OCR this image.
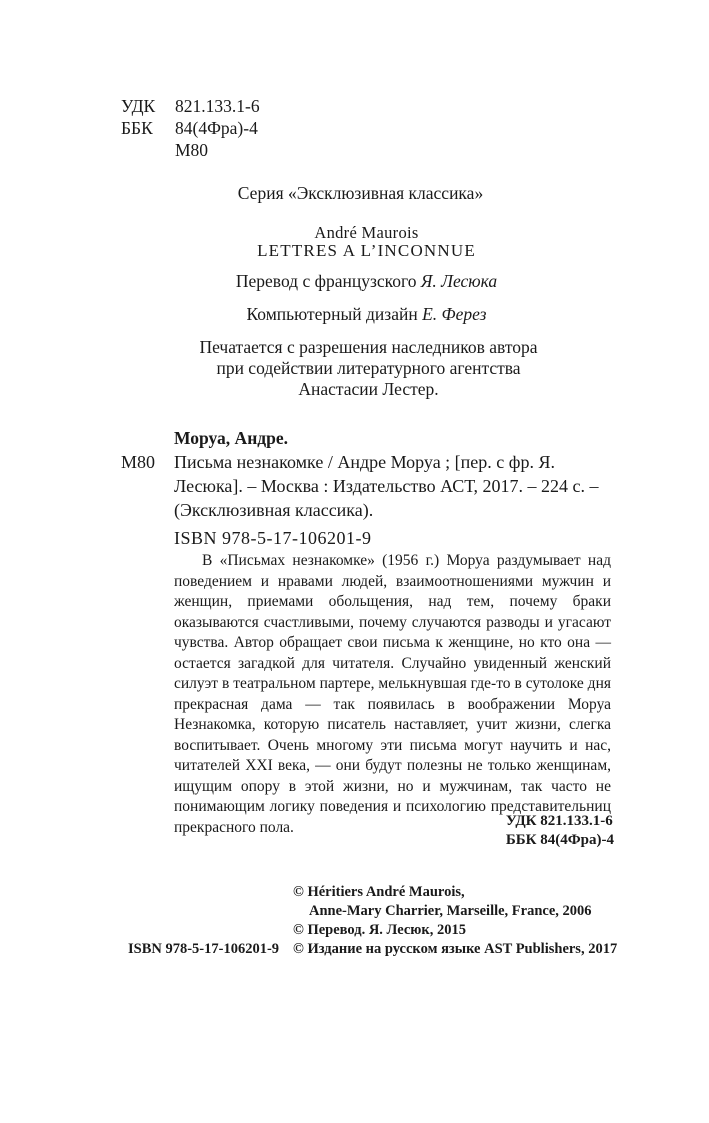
УДК	821.133.1-6
ББК	84(4Фра)-4
М80
Серия «Эксклюзивная классика»
André Maurois
LETTRES A L’INCONNUE
Перевод с французского Я. Лесюка
Компьютерный дизайн Е. Ферез
Печатается с разрешения наследников автора
при содействии литературного агентства
Анастасии Лестер.
Моруа, Андре.
М80	Письма незнакомке / Андре Моруа ; [пер. с фр. Я. Лесюка]. – Москва : Издательство АСТ, 2017. – 224 с. – (Эксклюзивная классика).
ISBN 978-5-17-106201-9

В «Письмах незнакомке» (1956 г.) Моруа раздумывает над поведением и нравами людей, взаимоотношениями мужчин и женщин, приемами обольщения, над тем, почему браки оказываются счастливыми, почему случаются разводы и угасают чувства. Автор обращает свои письма к женщине, но кто она — остается загадкой для читателя. Случайно увиденный женский силуэт в театральном партере, мелькнувшая где-то в сутолоке дня прекрасная дама — так появилась в воображении Моруа Незнакомка, которую писатель наставляет, учит жизни, слегка воспитывает. Очень многому эти письма могут научить и нас, читателей XXI века, — они будут полезны не только женщинам, ищущим опору в этой жизни, но и мужчинам, так часто не понимающим логику поведения и психологию представительниц прекрасного пола.	УДК 821.133.1-6
ББК 84(4Фра)-4
© Héritiers André Maurois,
Anne-Mary Charrier, Marseille, France, 2006
© Перевод. Я. Лесюк, 2015
ISBN 978-5-17-106201-9 © Издание на русском языке AST Publishers, 2017
